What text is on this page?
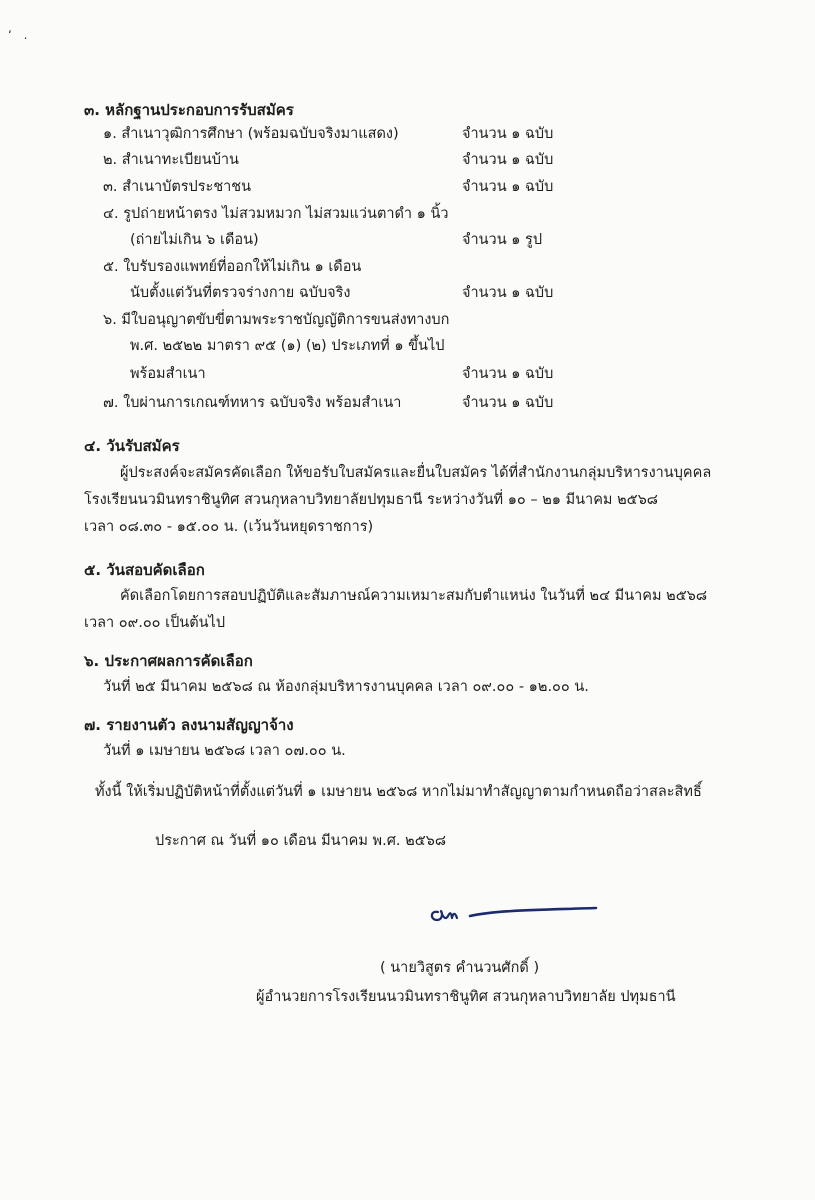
‘ .
๓. หลักฐานประกอบการรับสมัคร
๑. สำเนาวุฒิการศึกษา (พร้อมฉบับจริงมาแสดง)	จำนวน ๑ ฉบับ
๒. สำเนาทะเบียนบ้าน	จำนวน ๑ ฉบับ
๓. สำเนาบัตรประชาชน	จำนวน ๑ ฉบับ
๔. รูปถ่ายหน้าตรง ไม่สวมหมวก ไม่สวมแว่นตาดำ ๑ นิ้ว
(ถ่ายไม่เกิน ๖ เดือน)	จำนวน ๑ รูป
๕. ใบรับรองแพทย์ที่ออกให้ไม่เกิน ๑ เดือน
นับตั้งแต่วันที่ตรวจร่างกาย ฉบับจริง	จำนวน ๑ ฉบับ
๖. มีใบอนุญาตขับขี่ตามพระราชบัญญัติการขนส่งทางบก
พ.ศ. ๒๕๒๒ มาตรา ๙๕ (๑) (๒) ประเภทที่ ๑ ขึ้นไป
พร้อมสำเนา	จำนวน ๑ ฉบับ
๗. ใบผ่านการเกณฑ์ทหาร ฉบับจริง พร้อมสำเนา	จำนวน ๑ ฉบับ
๔. วันรับสมัคร
ผู้ประสงค์จะสมัครคัดเลือก ให้ขอรับใบสมัครและยื่นใบสมัคร ได้ที่สำนักงานกลุ่มบริหารงานบุคคล
โรงเรียนนวมินทราชินูทิศ สวนกุหลาบวิทยาลัยปทุมธานี ระหว่างวันที่ ๑๐ – ๒๑ มีนาคม ๒๕๖๘
เวลา ๐๘.๓๐ - ๑๕.๐๐ น. (เว้นวันหยุดราชการ)
๕. วันสอบคัดเลือก
คัดเลือกโดยการสอบปฏิบัติและสัมภาษณ์ความเหมาะสมกับตำแหน่ง ในวันที่ ๒๔ มีนาคม ๒๕๖๘
เวลา ๐๙.๐๐ เป็นต้นไป
๖. ประกาศผลการคัดเลือก
วันที่ ๒๕ มีนาคม ๒๕๖๘ ณ ห้องกลุ่มบริหารงานบุคคล เวลา ๐๙.๐๐ - ๑๒.๐๐ น.
๗. รายงานตัว ลงนามสัญญาจ้าง
วันที่ ๑ เมษายน ๒๕๖๘ เวลา ๐๗.๐๐ น.
ทั้งนี้ ให้เริ่มปฏิบัติหน้าที่ตั้งแต่วันที่ ๑ เมษายน ๒๕๖๘ หากไม่มาทำสัญญาตามกำหนดถือว่าสละสิทธิ์
ประกาศ ณ วันที่ ๑๐ เดือน มีนาคม พ.ศ. ๒๕๖๘
( นายวิสูตร คำนวนศักดิ์ )
ผู้อำนวยการโรงเรียนนวมินทราชินูทิศ สวนกุหลาบวิทยาลัย ปทุมธานี
